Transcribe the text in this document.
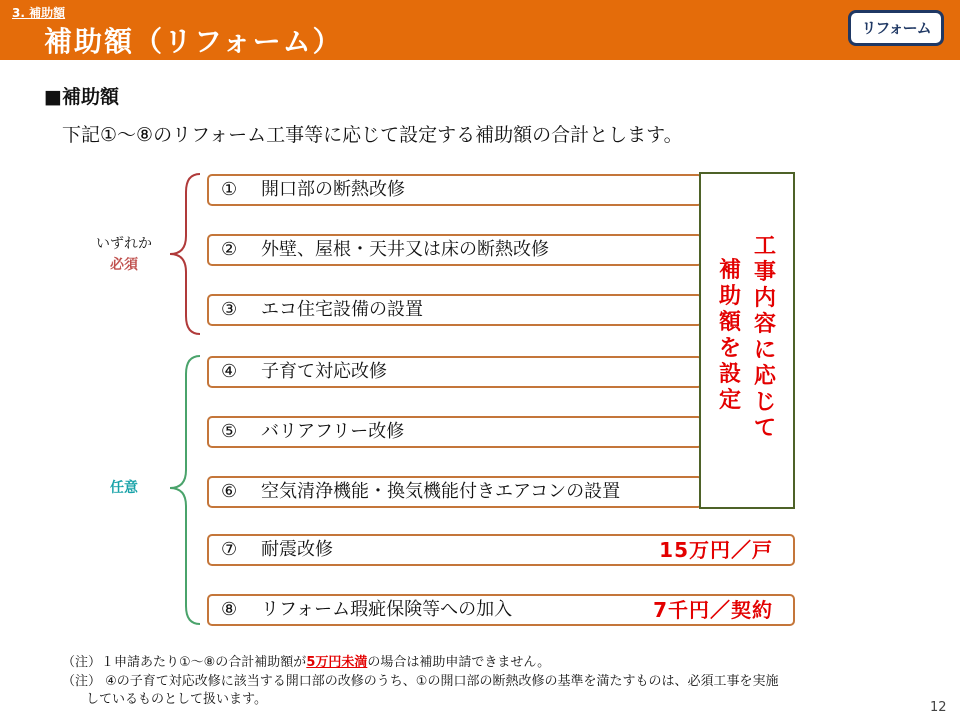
3. 補助額
補助額（リフォーム）	リフォーム
■補助額
下記①～⑧のリフォーム工事等に応じて設定する補助額の合計とします。
いずれか
必須
任意
① 開口部の断熱改修
② 外壁、屋根・天井又は床の断熱改修
③ エコ住宅設備の設置
④ 子育て対応改修
⑤ バリアフリー改修
⑥ 空気清浄機能・換気機能付きエアコンの設置
⑦ 耐震改修	15万円／戸
⑧ リフォーム瑕疵保険等への加入	7千円／契約
工事内容に応じて
補助額を設定
（注）１申請あたり①～⑧の合計補助額が5万円未満の場合は補助申請できません。
（注） ④の子育て対応改修に該当する開口部の改修のうち、①の開口部の断熱改修の基準を満たすものは、必須工事を実施
しているものとして扱います。
12
